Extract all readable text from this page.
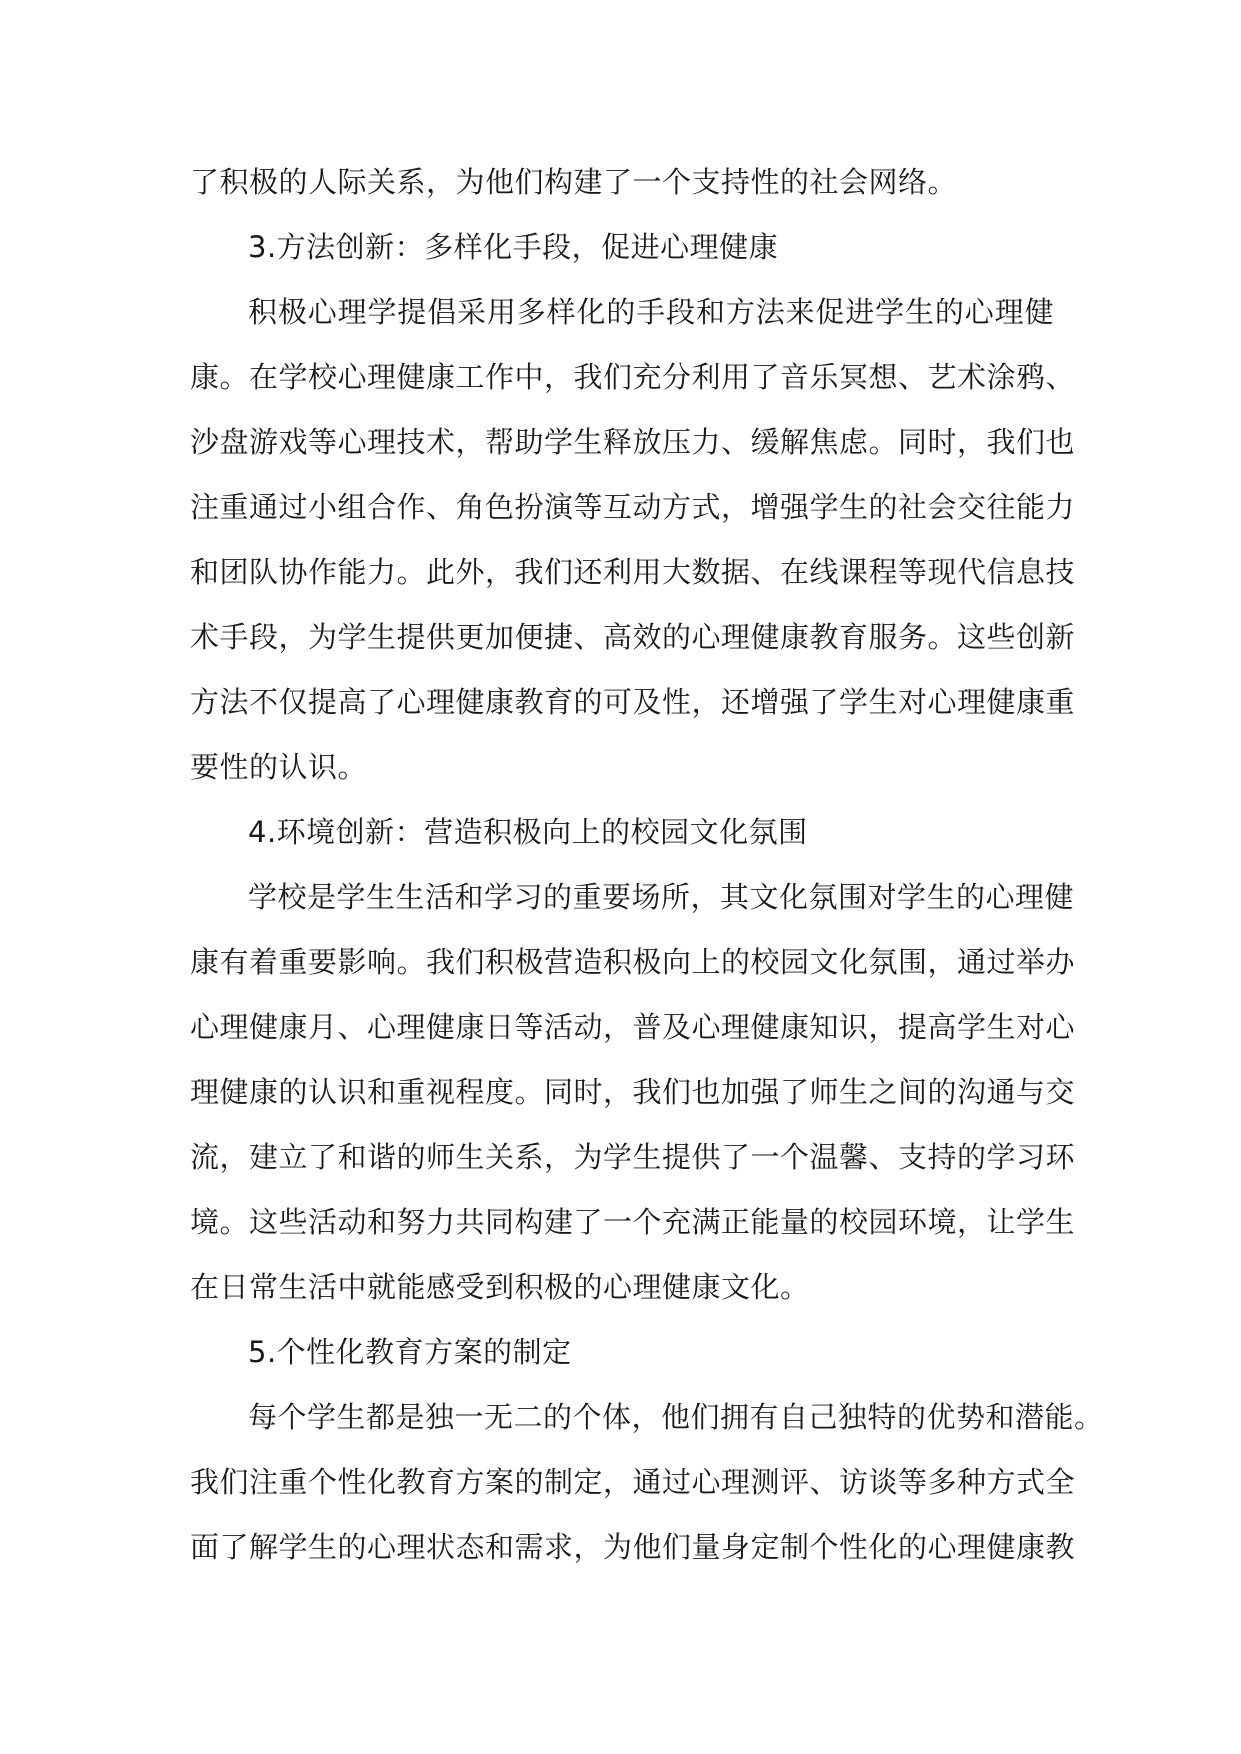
了积极的人际关系，为他们构建了一个支持性的社会网络。
3.方法创新：多样化手段，促进心理健康
积极心理学提倡采用多样化的手段和方法来促进学生的心理健
康。在学校心理健康工作中，我们充分利用了音乐冥想、艺术涂鸦、
沙盘游戏等心理技术，帮助学生释放压力、缓解焦虑。同时，我们也
注重通过小组合作、角色扮演等互动方式，增强学生的社会交往能力
和团队协作能力。此外，我们还利用大数据、在线课程等现代信息技
术手段，为学生提供更加便捷、高效的心理健康教育服务。这些创新
方法不仅提高了心理健康教育的可及性，还增强了学生对心理健康重
要性的认识。
4.环境创新：营造积极向上的校园文化氛围
学校是学生生活和学习的重要场所，其文化氛围对学生的心理健
康有着重要影响。我们积极营造积极向上的校园文化氛围，通过举办
心理健康月、心理健康日等活动，普及心理健康知识，提高学生对心
理健康的认识和重视程度。同时，我们也加强了师生之间的沟通与交
流，建立了和谐的师生关系，为学生提供了一个温馨、支持的学习环
境。这些活动和努力共同构建了一个充满正能量的校园环境，让学生
在日常生活中就能感受到积极的心理健康文化。
5.个性化教育方案的制定
每个学生都是独一无二的个体，他们拥有自己独特的优势和潜能。
我们注重个性化教育方案的制定，通过心理测评、访谈等多种方式全
面了解学生的心理状态和需求，为他们量身定制个性化的心理健康教
